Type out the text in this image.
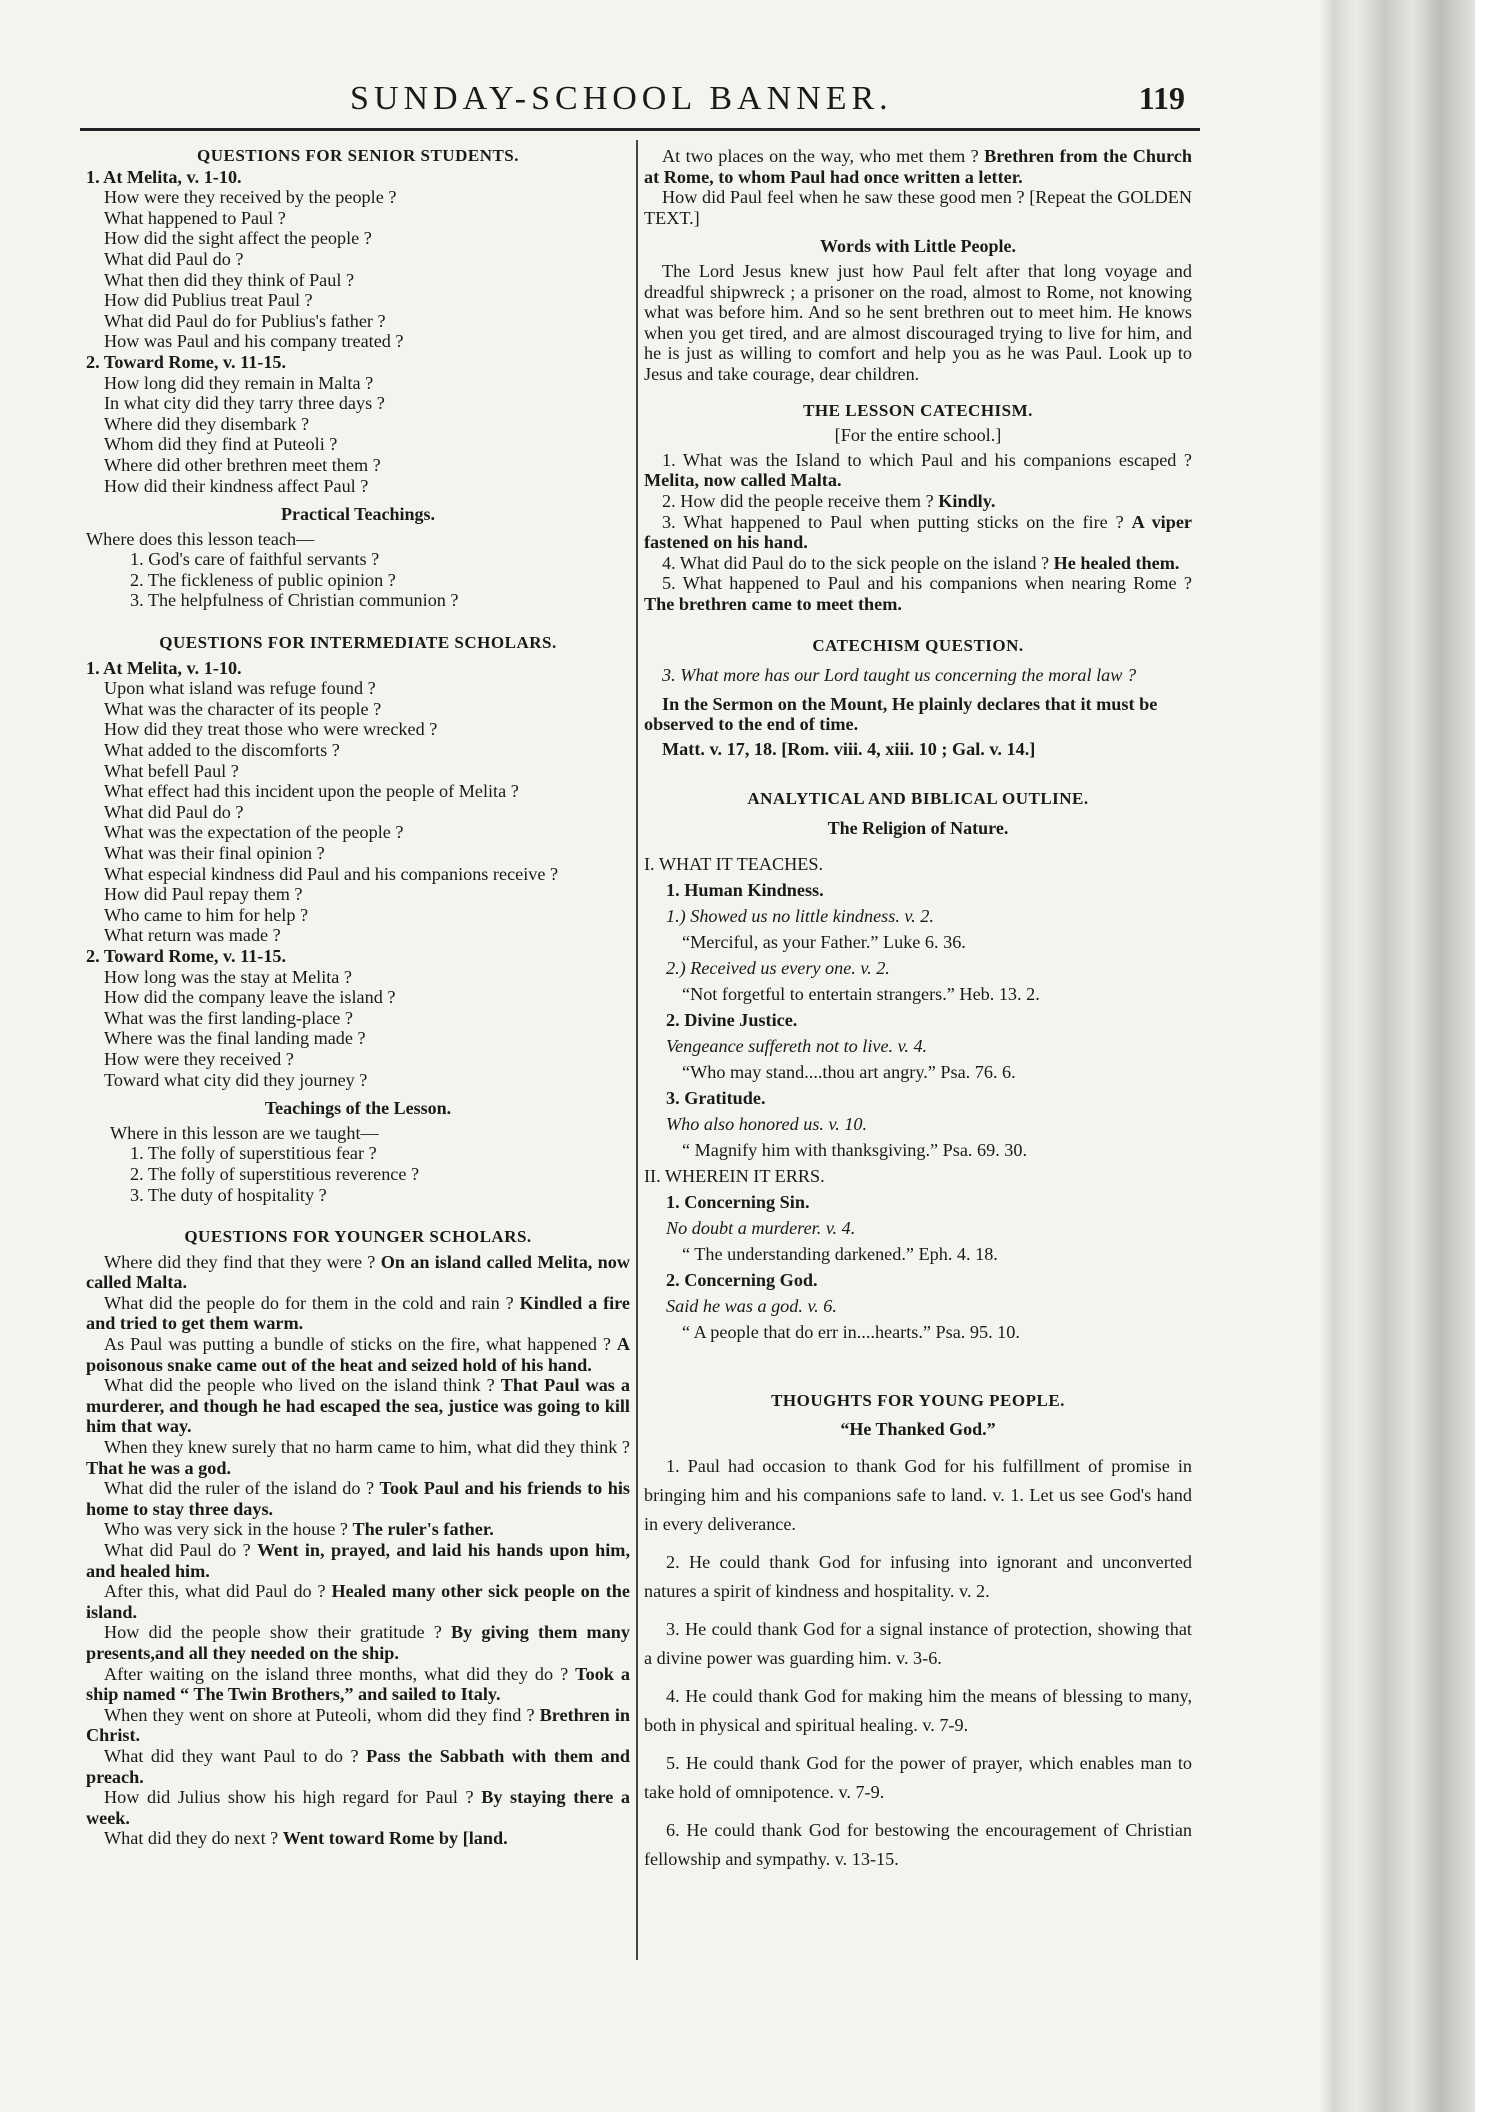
SUNDAY-SCHOOL BANNER.	119

QUESTIONS FOR SENIOR STUDENTS.

1. At Melita, v. 1-10.

How were they received by the people ?

What happened to Paul ?

How did the sight affect the people ?

What did Paul do ?

What then did they think of Paul ?

How did Publius treat Paul ?

What did Paul do for Publius's father ?

How was Paul and his company treated ?

2. Toward Rome, v. 11-15.

How long did they remain in Malta ?

In what city did they tarry three days ?

Where did they disembark ?

Whom did they find at Puteoli ?

Where did other brethren meet them ?

How did their kindness affect Paul ?

Practical Teachings.

Where does this lesson teach—

1. God's care of faithful servants ?

2. The fickleness of public opinion ?

3. The helpfulness of Christian communion ?

QUESTIONS FOR INTERMEDIATE SCHOLARS.

1. At Melita, v. 1-10.

Upon what island was refuge found ?

What was the character of its people ?

How did they treat those who were wrecked ?

What added to the discomforts ?

What befell Paul ?

What effect had this incident upon the people of Melita ?

What did Paul do ?

What was the expectation of the people ?

What was their final opinion ?

What especial kindness did Paul and his companions receive ?

How did Paul repay them ?

Who came to him for help ?

What return was made ?

2. Toward Rome, v. 11-15.

How long was the stay at Melita ?

How did the company leave the island ?

What was the first landing-place ?

Where was the final landing made ?

How were they received ?

Toward what city did they journey ?

Teachings of the Lesson.

Where in this lesson are we taught—

1. The folly of superstitious fear ?

2. The folly of superstitious reverence ?

3. The duty of hospitality ?

QUESTIONS FOR YOUNGER SCHOLARS.

Where did they find that they were ? On an island called Melita, now called Malta.

What did the people do for them in the cold and rain ? Kindled a fire and tried to get them warm.

As Paul was putting a bundle of sticks on the fire, what happened ? A poisonous snake came out of the heat and seized hold of his hand.

What did the people who lived on the island think ? That Paul was a murderer, and though he had escaped the sea, justice was going to kill him that way.

When they knew surely that no harm came to him, what did they think ? That he was a god.

What did the ruler of the island do ? Took Paul and his friends to his home to stay three days.

Who was very sick in the house ? The ruler's father.

What did Paul do ? Went in, prayed, and laid his hands upon him, and healed him.

After this, what did Paul do ? Healed many other sick people on the island.

How did the people show their gratitude ? By giving them many presents,and all they needed on the ship.

After waiting on the island three months, what did they do ? Took a ship named “ The Twin Brothers,” and sailed to Italy.

When they went on shore at Puteoli, whom did they find ? Brethren in Christ.

What did they want Paul to do ? Pass the Sabbath with them and preach.

How did Julius show his high regard for Paul ? By staying there a week.

What did they do next ? Went toward Rome by [land.

At two places on the way, who met them ? Brethren from the Church at Rome, to whom Paul had once written a letter.

How did Paul feel when he saw these good men ? [Repeat the GOLDEN TEXT.]

Words with Little People.

The Lord Jesus knew just how Paul felt after that long voyage and dreadful shipwreck ; a prisoner on the road, almost to Rome, not knowing what was before him. And so he sent brethren out to meet him. He knows when you get tired, and are almost discouraged trying to live for him, and he is just as willing to comfort and help you as he was Paul. Look up to Jesus and take courage, dear children.

THE LESSON CATECHISM.

[For the entire school.]

1. What was the Island to which Paul and his companions escaped ? Melita, now called Malta.

2. How did the people receive them ? Kindly.

3. What happened to Paul when putting sticks on the fire ? A viper fastened on his hand.

4. What did Paul do to the sick people on the island ? He healed them.

5. What happened to Paul and his companions when nearing Rome ? The brethren came to meet them.

CATECHISM QUESTION.

3. What more has our Lord taught us concerning the moral law ?

In the Sermon on the Mount, He plainly declares that it must be observed to the end of time.

Matt. v. 17, 18. [Rom. viii. 4, xiii. 10 ; Gal. v. 14.]

ANALYTICAL AND BIBLICAL OUTLINE.

The Religion of Nature.

I. WHAT IT TEACHES.

1. Human Kindness.

1.) Showed us no little kindness. v. 2.

“Merciful, as your Father.” Luke 6. 36.

2.) Received us every one. v. 2.

“Not forgetful to entertain strangers.” Heb. 13. 2.

2. Divine Justice.

Vengeance suffereth not to live. v. 4.

“Who may stand....thou art angry.” Psa. 76. 6.

3. Gratitude.

Who also honored us. v. 10.

“ Magnify him with thanksgiving.” Psa. 69. 30.

II. WHEREIN IT ERRS.

1. Concerning Sin.

No doubt a murderer. v. 4.

“ The understanding darkened.” Eph. 4. 18.

2. Concerning God.

Said he was a god. v. 6.

“ A people that do err in....hearts.” Psa. 95. 10.

THOUGHTS FOR YOUNG PEOPLE.

“He Thanked God.”

1. Paul had occasion to thank God for his fulfillment of promise in bringing him and his companions safe to land. v. 1. Let us see God's hand in every deliverance.

2. He could thank God for infusing into ignorant and unconverted natures a spirit of kindness and hospitality. v. 2.

3. He could thank God for a signal instance of protection, showing that a divine power was guarding him. v. 3-6.

4. He could thank God for making him the means of blessing to many, both in physical and spiritual healing. v. 7-9.

5. He could thank God for the power of prayer, which enables man to take hold of omnipotence. v. 7-9.

6. He could thank God for bestowing the encouragement of Christian fellowship and sympathy. v. 13-15.
